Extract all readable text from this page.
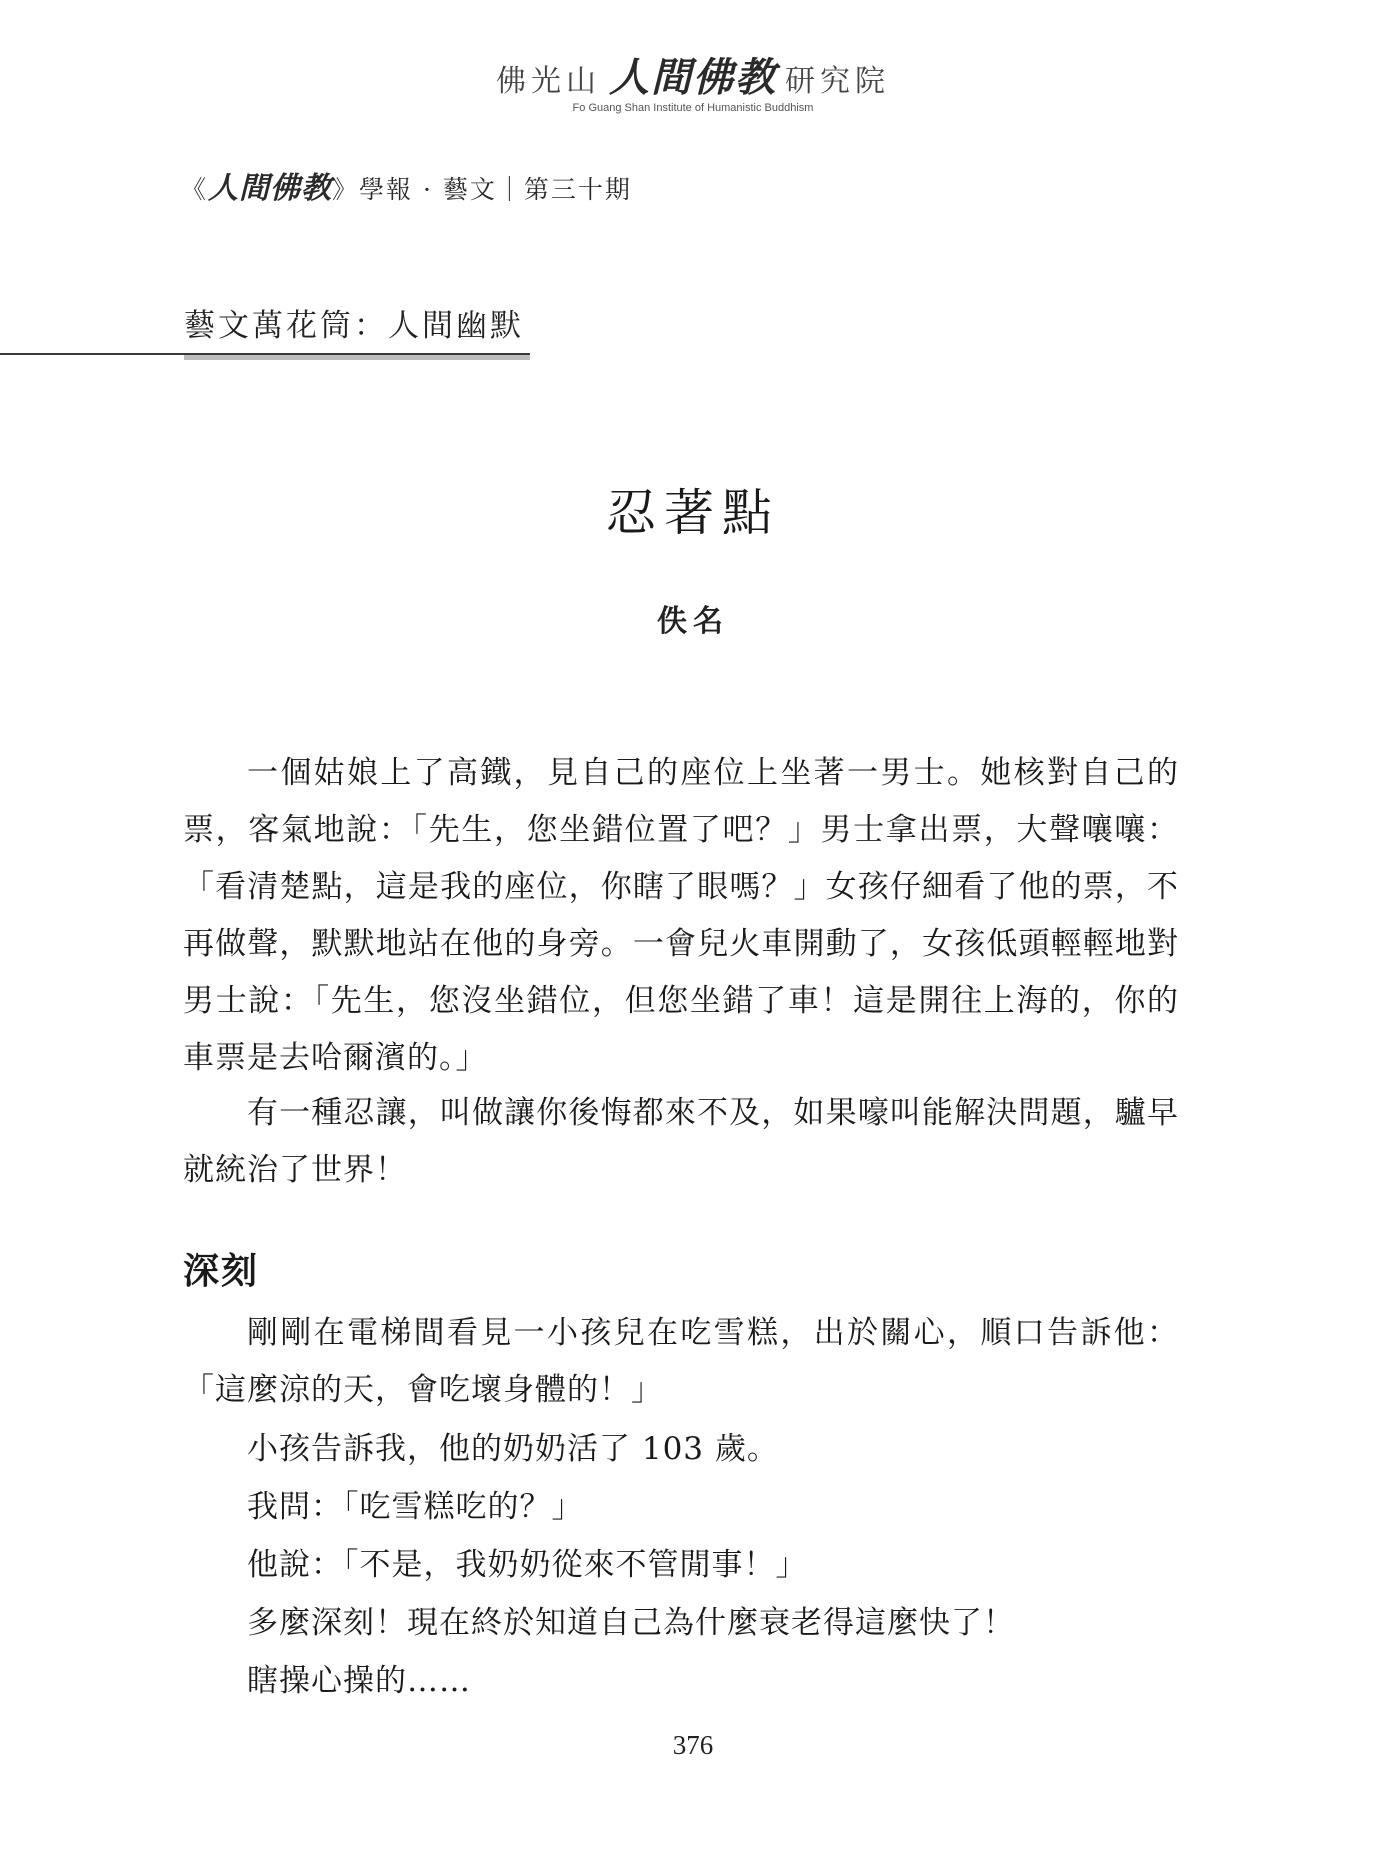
佛光山 人間佛教 研究院
Fo Guang Shan Institute of Humanistic Buddhism
《人間佛教》學報 · 藝文｜第三十期
藝文萬花筒：人間幽默
忍著點
佚名

一個姑娘上了高鐵，見自己的座位上坐著一男士。她核對自己的票，客氣地說：「先生，您坐錯位置了吧？」男士拿出票，大聲嚷嚷：「看清楚點，這是我的座位，你瞎了眼嗎？」女孩仔細看了他的票，不再做聲，默默地站在他的身旁。一會兒火車開動了，女孩低頭輕輕地對男士說：「先生，您沒坐錯位，但您坐錯了車！這是開往上海的，你的車票是去哈爾濱的。」

有一種忍讓，叫做讓你後悔都來不及，如果嚎叫能解決問題，驢早就統治了世界！

深刻

剛剛在電梯間看見一小孩兒在吃雪糕，出於關心，順口告訴他：「這麼涼的天，會吃壞身體的！」

小孩告訴我，他的奶奶活了 103 歲。

我問：「吃雪糕吃的？」

他說：「不是，我奶奶從來不管閒事！」

多麼深刻！現在終於知道自己為什麼衰老得這麼快了！

瞎操心操的……

376
